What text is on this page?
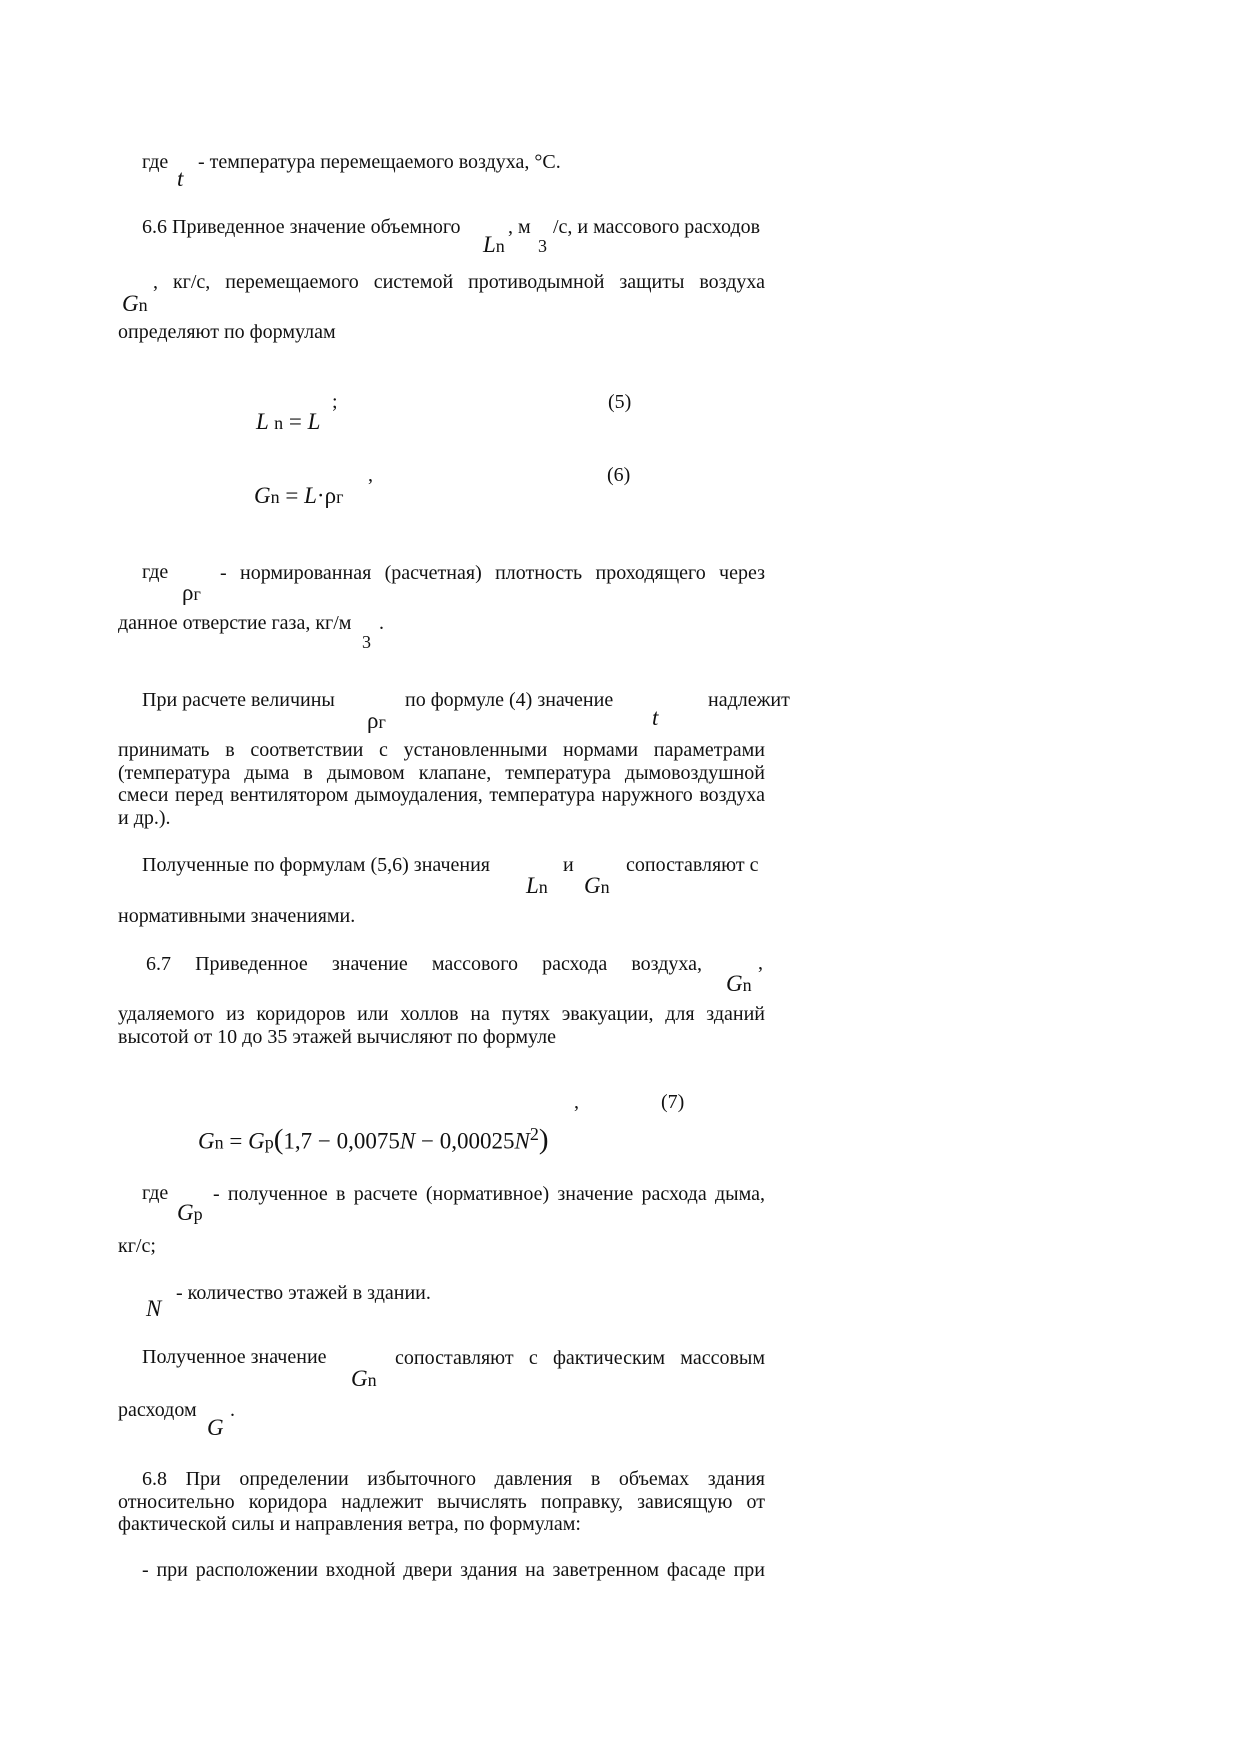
где
t
- температура перемещаемого воздуха, °С.
6.6 Приведенное значение объемного
Ln
, м
3
/с, и массового расходов
Gn
, кг/с, перемещаемого системой противодымной защиты воздуха
определяют по формулам
L n = L
;	(5)
Gn = L·ρг
,	(6)
где
ρг
- нормированная (расчетная) плотность проходящего через
данное отверстие газа, кг/м
3
.
При расчете величины
ρг
по формуле (4) значение
t
надлежит
принимать в соответствии с установленными нормами параметрами (температура дыма в дымовом клапане, температура дымовоздушной смеси перед вентилятором дымоудаления, температура наружного воздуха и др.).
Полученные по формулам (5,6) значения
Ln
и
Gn
сопоставляют с
нормативными значениями.
6.7 Приведенное значение массового расхода воздуха,
Gn
,
удаляемого из коридоров или холлов на путях эвакуации, для зданий высотой от 10 до 35 этажей вычисляют по формуле
$Gn = Gp(1,7 - 0,0075N - 0,00025N^2)$
,	(7)
где
Gp
- полученное в расчете (нормативное) значение расхода дыма,
кг/с;
N
- количество этажей в здании.
Полученное значение
Gn
сопоставляют с фактическим массовым
расходом
G
.
6.8 При определении избыточного давления в объемах здания относительно коридора надлежит вычислять поправку, зависящую от фактической силы и направления ветра, по формулам:
- при расположении входной двери здания на заветренном фасаде при
